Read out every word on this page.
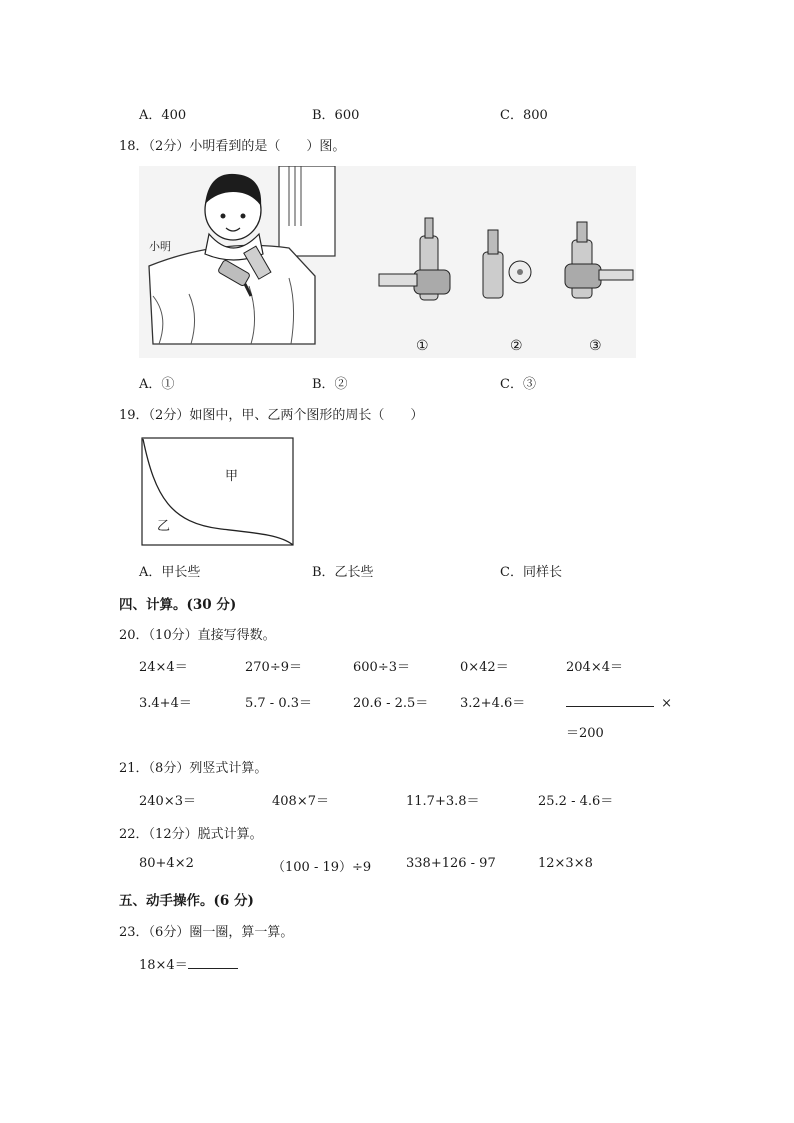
A．400	B．600	C．800
18．（2分）小明看到的是（　　）图。
小明
①	②	③
A．①	B．②	C．③
19．（2分）如图中，甲、乙两个图形的周长（　　）
甲
乙
A．甲长些	B．乙长些	C．同样长
四、计算。(30 分)
20．（10分）直接写得数。
24×4＝	270÷9＝	600÷3＝	0×42＝	204×4＝
3.4+4＝	5.7 - 0.3＝	20.6 - 2.5＝ 3.2+4.6＝	×
＝200
21．（8分）列竖式计算。
240×3＝	408×7＝	11.7+3.8＝	25.2 - 4.6＝
22．（12分）脱式计算。
80+4×2	（100 - 19）÷9	338+126 - 97	12×3×8
五、动手操作。(6 分)
23．（6分）圈一圈，算一算。
18×4＝
